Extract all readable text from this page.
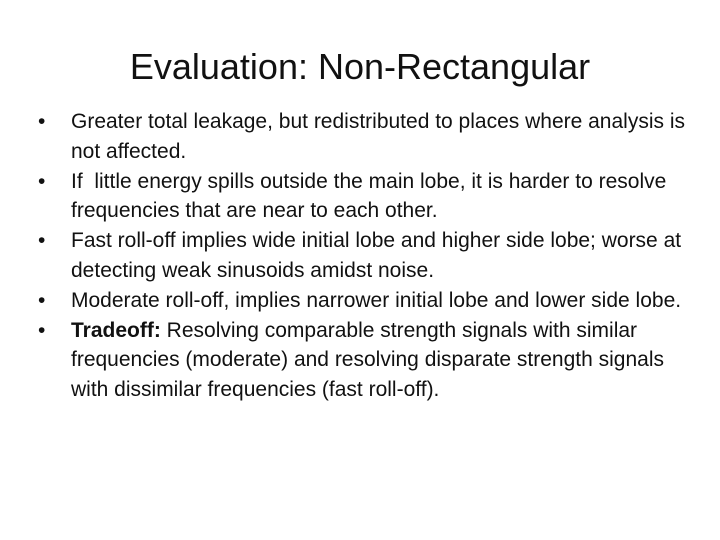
Evaluation: Non-Rectangular
•	Greater total leakage, but redistributed to places where analysis is not affected.
•	If  little energy spills outside the main lobe, it is harder to resolve frequencies that are near to each other.
•	Fast roll-off implies wide initial lobe and higher side lobe; worse at detecting weak sinusoids amidst noise.
•	Moderate roll-off, implies narrower initial lobe and lower side lobe.
•	Tradeoff: Resolving comparable strength signals with similar frequencies (moderate) and resolving disparate strength signals with dissimilar frequencies (fast roll-off).
